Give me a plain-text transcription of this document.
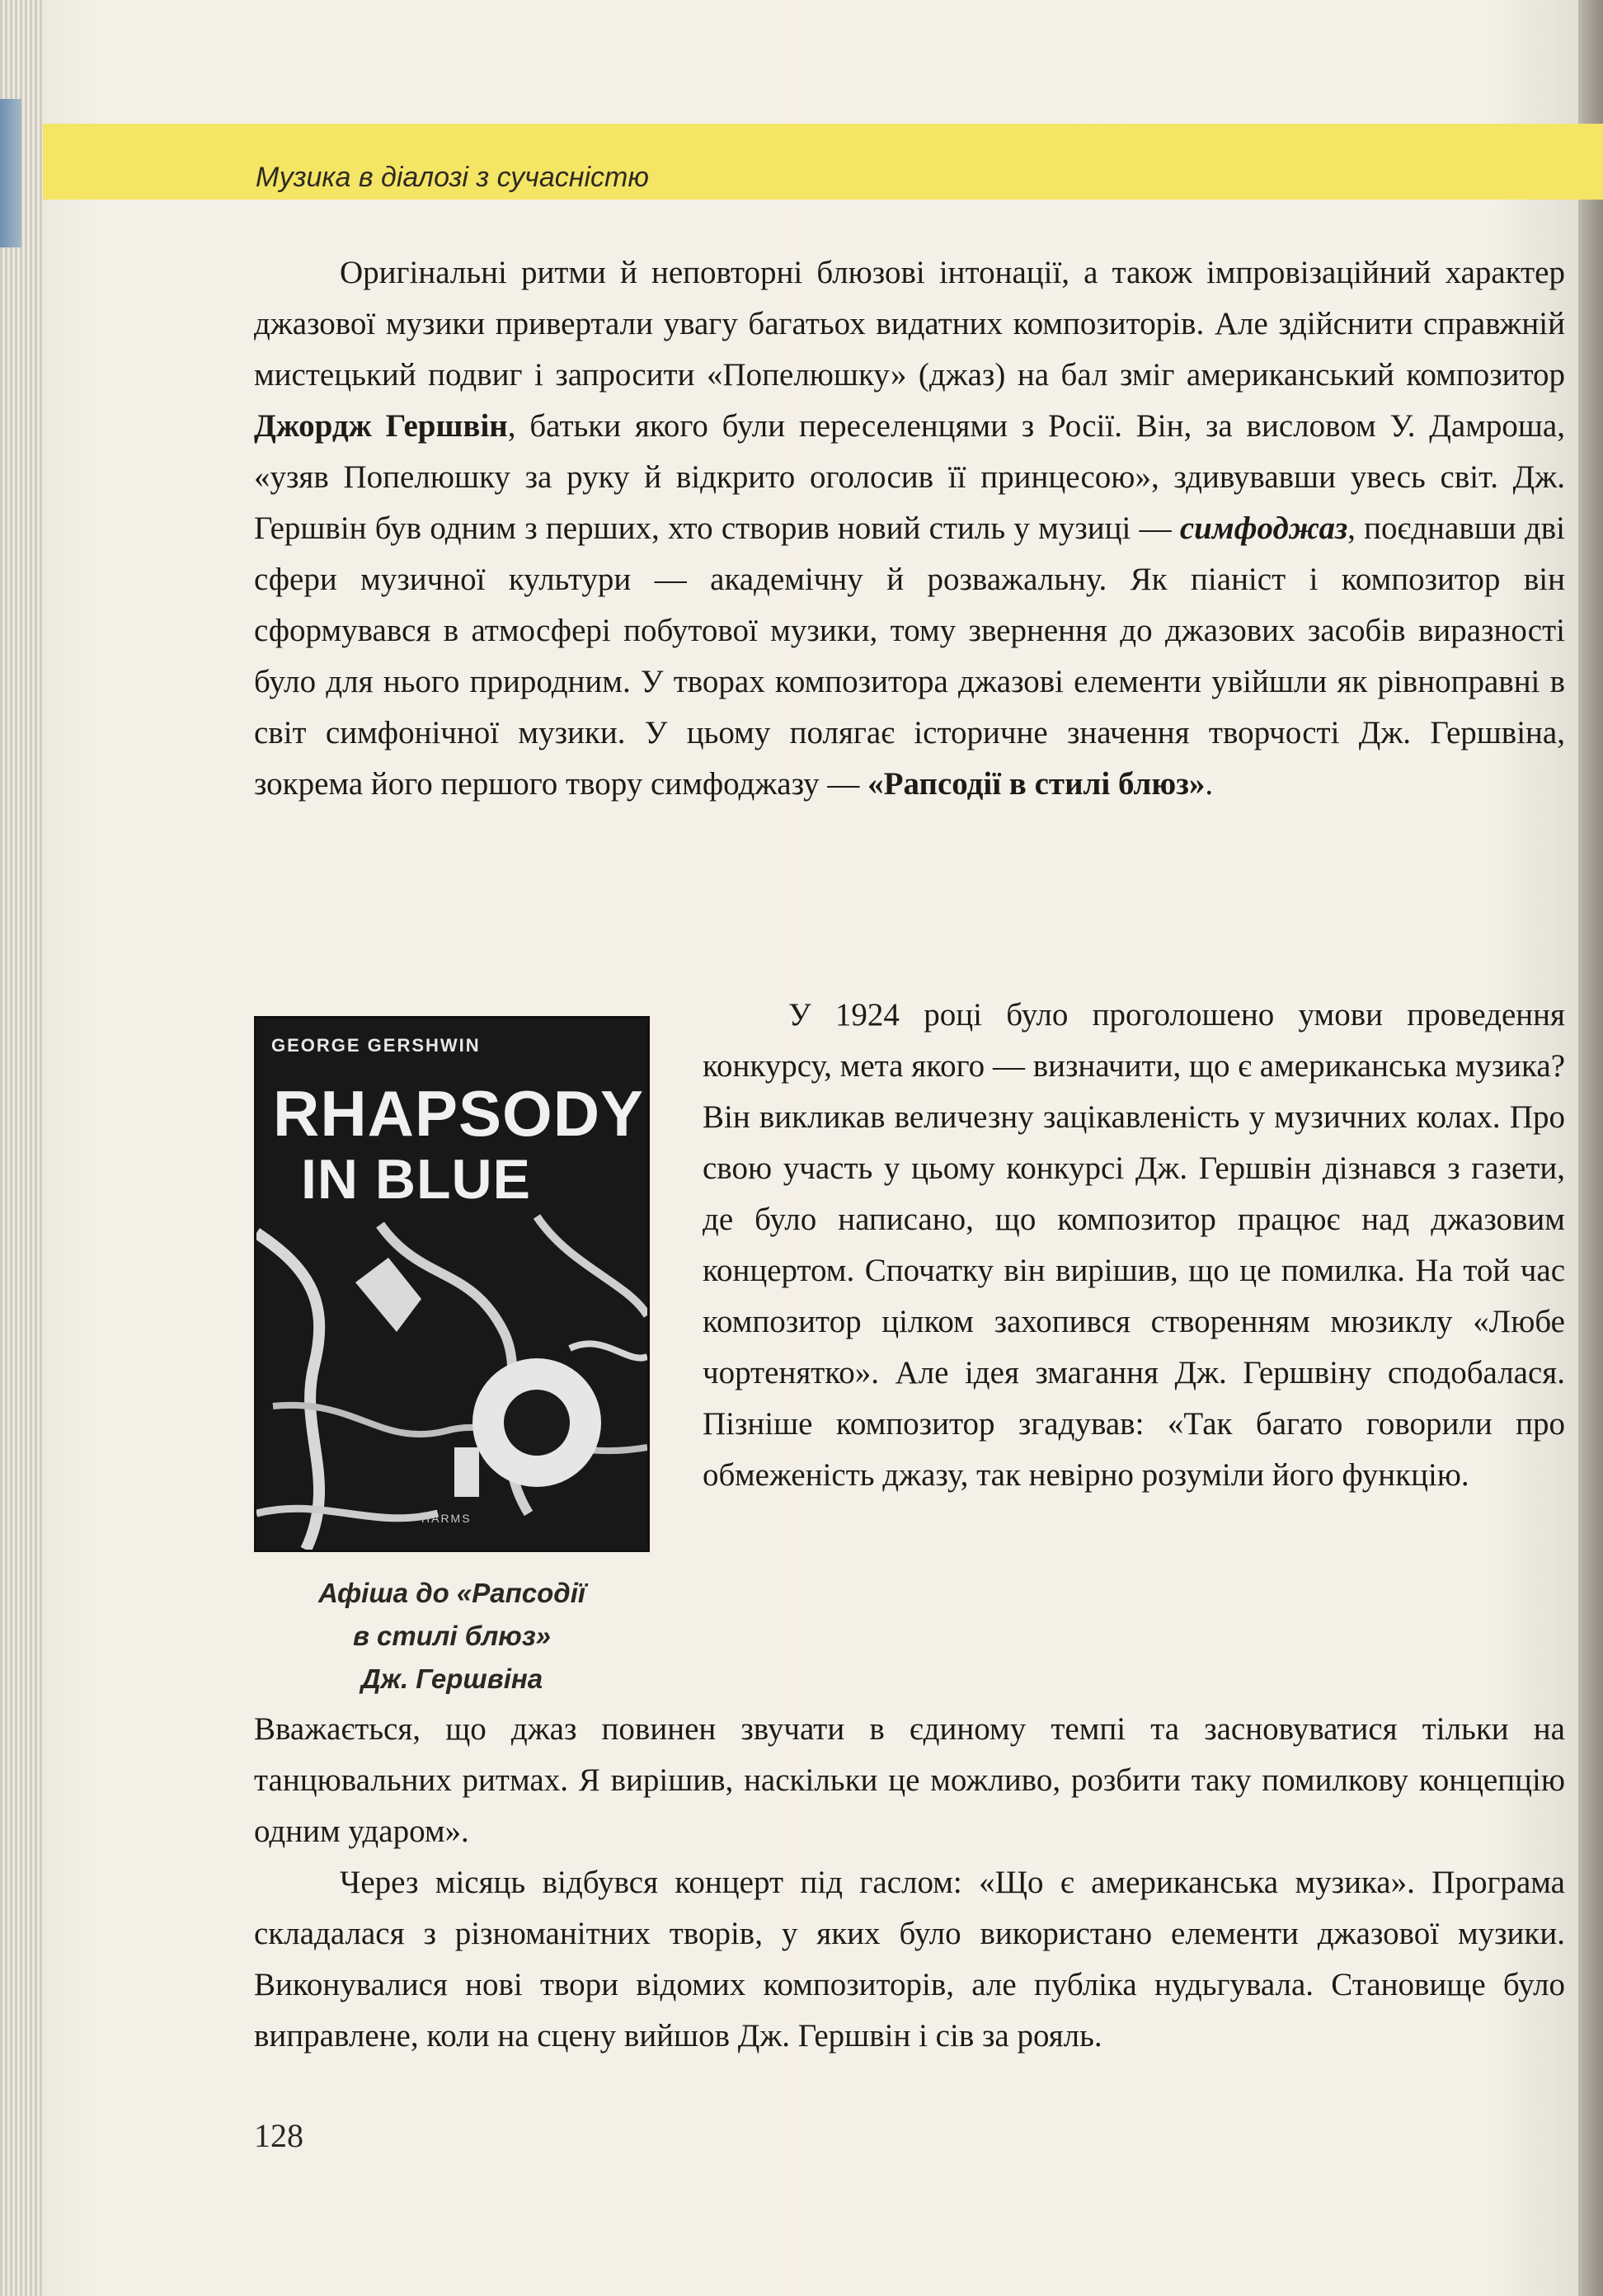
Музика в діалозі з сучасністю

Оригінальні ритми й неповторні блюзові інтонації, а також імпровізаційний характер джазової музики привертали увагу багатьох видатних композиторів. Але здійснити справжній мистецький подвиг і запросити «Попелюшку» (джаз) на бал зміг американський композитор Джордж Гершвін, батьки якого були переселенцями з Росії. Він, за висловом У. Дамроша, «узяв Попелюшку за руку й відкрито оголосив її принцесою», здивувавши увесь світ. Дж. Гершвін був одним з перших, хто створив новий стиль у музиці — симфоджаз, поєднавши дві сфери музичної культури — академічну й розважальну. Як піаніст і композитор він сформувався в атмосфері побутової музики, тому звернення до джазових засобів виразності було для нього природним. У творах композитора джазові елементи увійшли як рівноправні в світ симфонічної музики. У цьому полягає історичне значення творчості Дж. Гершвіна, зокрема його першого твору симфоджазу — «Рапсодії в стилі блюз».

GEORGE GERSHWIN
RHAPSODY
IN BLUE
HARMS
Афіша до «Рапсодії
в стилі блюз»
Дж. Гершвіна

У 1924 році було проголошено умови проведення конкурсу, мета якого — визначити, що є американська музика? Він викликав величезну зацікавленість у музичних колах. Про свою участь у цьому конкурсі Дж. Гершвін дізнався з газети, де було написано, що композитор працює над джазовим концертом. Спочатку він вирішив, що це помилка. На той час композитор цілком захопився створенням мюзиклу «Любе чортенятко». Але ідея змагання Дж. Гершвіну сподобалася. Пізніше композитор згадував: «Так багато говорили про обмеженість джазу, так невірно розуміли його функцію.

Вважається, що джаз повинен звучати в єдиному темпі та засновуватися тільки на танцювальних ритмах. Я вирішив, наскільки це можливо, розбити таку помилкову концепцію одним ударом».

Через місяць відбувся концерт під гаслом: «Що є американська музика». Програма складалася з різноманітних творів, у яких було використано елементи джазової музики. Виконувалися нові твори відомих композиторів, але публіка нудьгувала. Становище було виправлене, коли на сцену вийшов Дж. Гершвін і сів за рояль.

128
